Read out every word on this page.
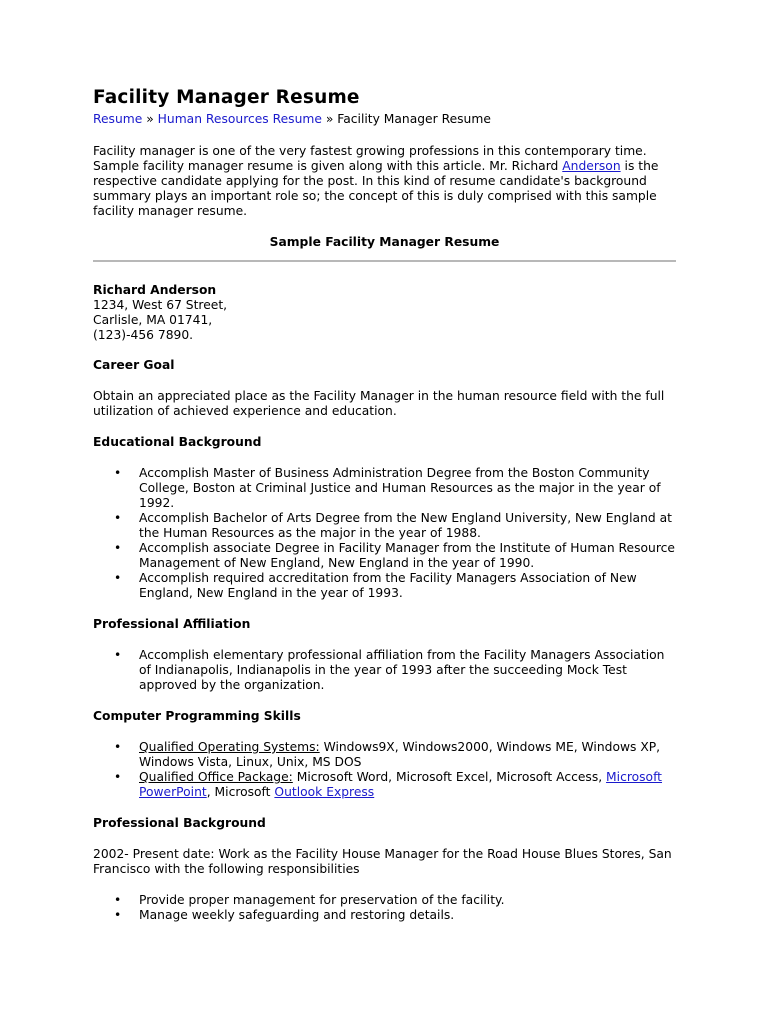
Facility Manager Resume
Resume » Human Resources Resume » Facility Manager Resume

Facility manager is one of the very fastest growing professions in this contemporary time. Sample facility manager resume is given along with this article. Mr. Richard Anderson is the respective candidate applying for the post. In this kind of resume candidate's background summary plays an important role so; the concept of this is duly comprised with this sample facility manager resume.

Sample Facility Manager Resume
Richard Anderson
1234, West 67 Street,
Carlisle, MA 01741,
(123)-456 7890.
Career Goal

Obtain an appreciated place as the Facility Manager in the human resource field with the full utilization of achieved experience and education.

Educational Background
• Accomplish Master of Business Administration Degree from the Boston Community College, Boston at Criminal Justice and Human Resources as the major in the year of 1992.
• Accomplish Bachelor of Arts Degree from the New England University, New England at the Human Resources as the major in the year of 1988.
• Accomplish associate Degree in Facility Manager from the Institute of Human Resource Management of New England, New England in the year of 1990.
• Accomplish required accreditation from the Facility Managers Association of New England, New England in the year of 1993.
Professional Affiliation
• Accomplish elementary professional affiliation from the Facility Managers Association of Indianapolis, Indianapolis in the year of 1993 after the succeeding Mock Test approved by the organization.
Computer Programming Skills
• Qualified Operating Systems: Windows9X, Windows2000, Windows ME, Windows XP, Windows Vista, Linux, Unix, MS DOS
• Qualified Office Package: Microsoft Word, Microsoft Excel, Microsoft Access, Microsoft PowerPoint, Microsoft Outlook Express
Professional Background

2002- Present date: Work as the Facility House Manager for the Road House Blues Stores, San Francisco with the following responsibilities

• Provide proper management for preservation of the facility.
• Manage weekly safeguarding and restoring details.
